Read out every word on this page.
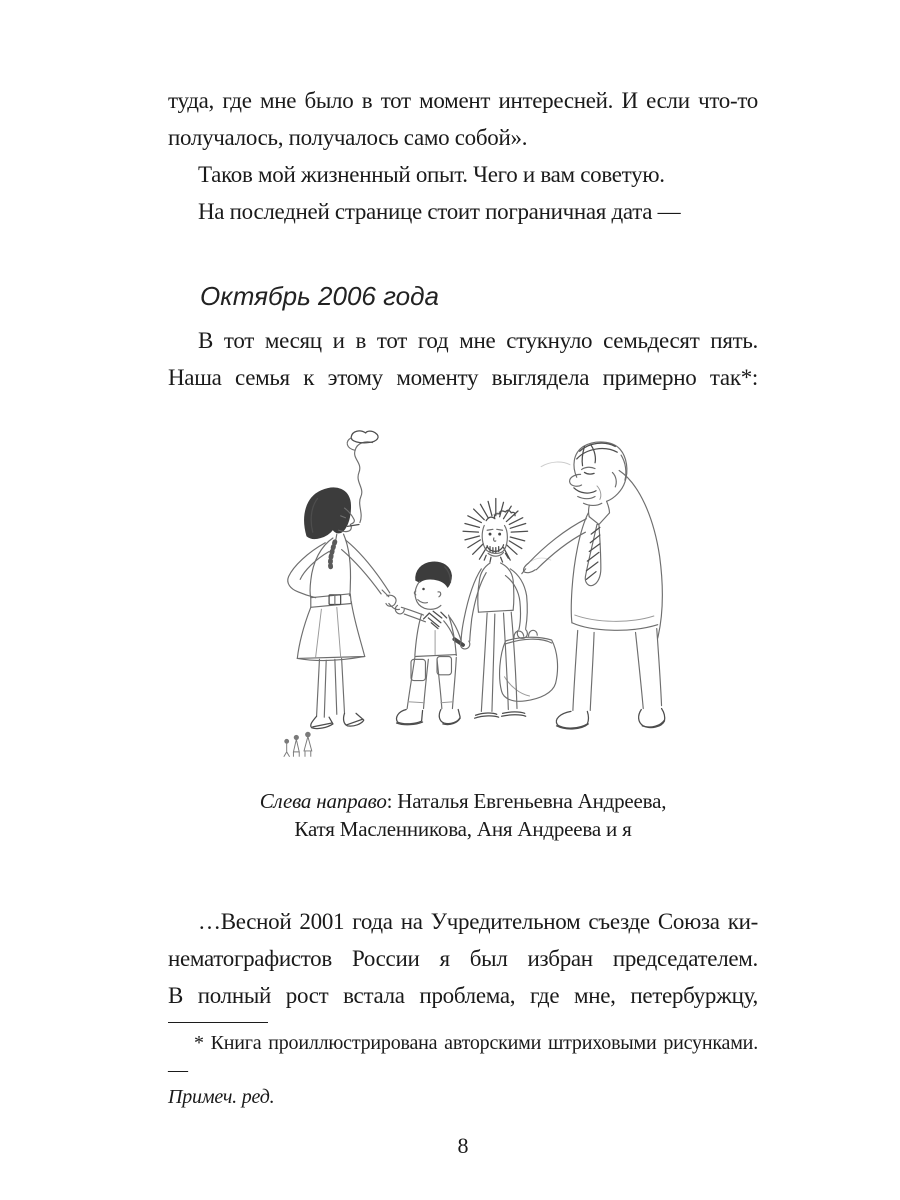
туда, где мне было в тот момент интересней. И если что-то
получалось, получалось само собой».
Таков мой жизненный опыт. Чего и вам советую.
На последней странице стоит пограничная дата —
Октябрь 2006 года
В тот месяц и в тот год мне стукнуло семьдесят пять.
Наша семья к этому моменту выглядела примерно так*:
Слева направо: Наталья Евгеньевна Андреева,
Катя Масленникова, Аня Андреева и я
…Весной 2001 года на Учредительном съезде Союза ки-
нематографистов России я был избран председателем.
В полный рост встала проблема, где мне, петербуржцу,
* Книга проиллюстрирована авторскими штриховыми рисунками. —
Примеч. ред.
8
